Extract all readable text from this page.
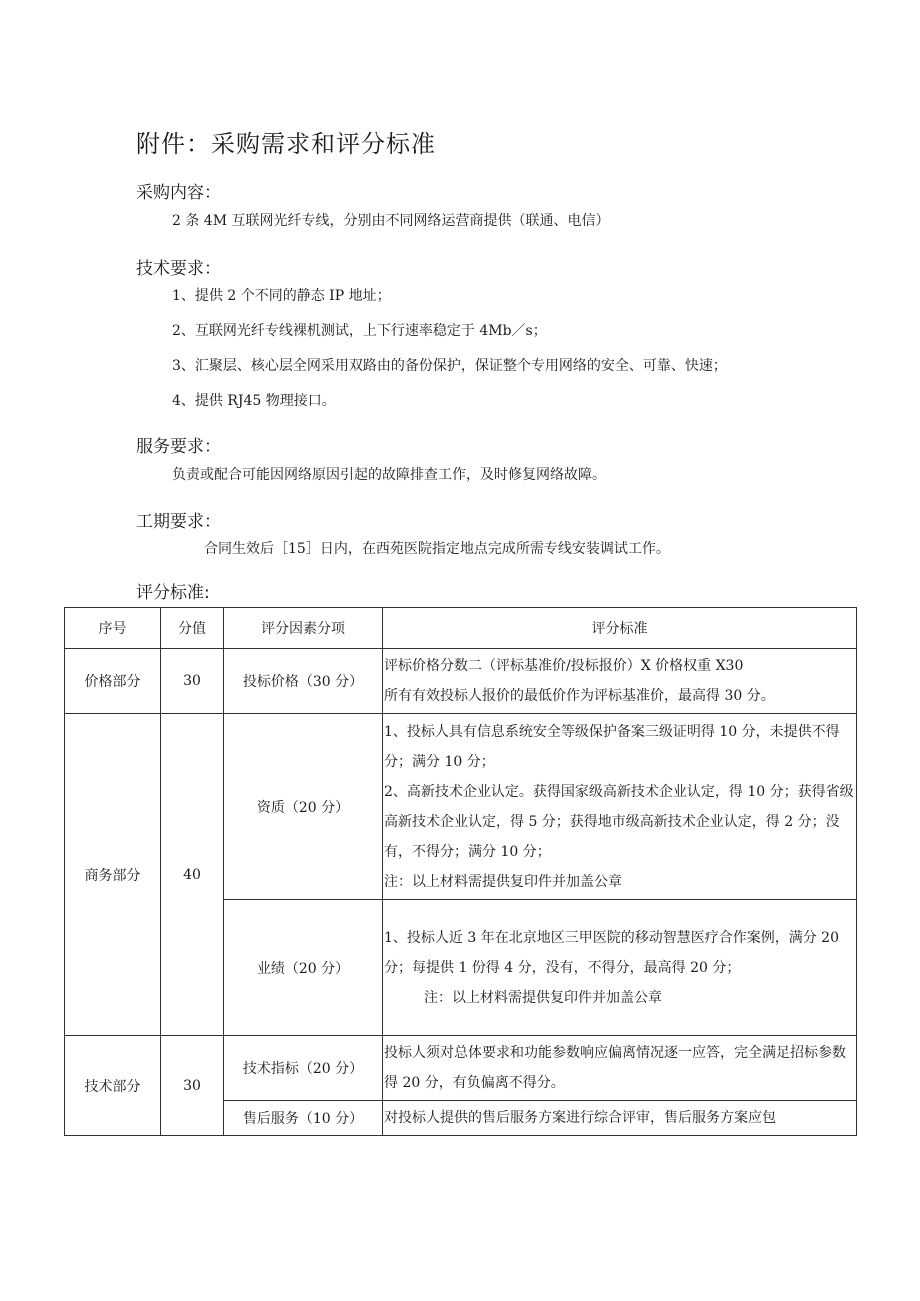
附件：采购需求和评分标准
采购内容：

2 条 4M 互联网光纤专线，分别由不同网络运营商提供（联通、电信）

技术要求：

1、提供 2 个不同的静态 IP 地址；

2、互联网光纤专线裸机测试，上下行速率稳定于 4Mb／s；

3、汇聚层、核心层全网采用双路由的备份保护，保证整个专用网络的安全、可靠、快速；

4、提供 RJ45 物理接口。

服务要求：

负责或配合可能因网络原因引起的故障排查工作，及时修复网络故障。

工期要求：

合同生效后［15］日内，在西苑医院指定地点完成所需专线安装调试工作。

评分标准:
序号	分值	评分因素分项	评分标准
价格部分	30	投标价格（30 分）	评标价格分数二（评标基准价/投标报价）X 价格权重 X30

所有有效投标人报价的最低价作为评标基准价，最高得 30 分。

商务部分	40	资质（20 分）	1、投标人具有信息系统安全等级保护备案三级证明得 10 分，未提供不得分；满分 10 分；

2、高新技术企业认定。获得国家级高新技术企业认定，得 10 分；获得省级高新技术企业认定，得 5 分；获得地市级高新技术企业认定，得 2 分；没有，不得分；满分 10 分；

注：以上材料需提供复印件并加盖公章

		业绩（20 分）	1、投标人近 3 年在北京地区三甲医院的移动智慧医疗合作案例，满分 20 分；每提供 1 份得 4 分，没有，不得分，最高得 20 分；

注：以上材料需提供复印件并加盖公章

技术部分	30	技术指标（20 分）	投标人须对总体要求和功能参数响应偏离情况逐一应答，完全满足招标参数得 20 分，有负偏离不得分。

		售后服务（10 分）	对投标人提供的售后服务方案进行综合评审，售后服务方案应包
